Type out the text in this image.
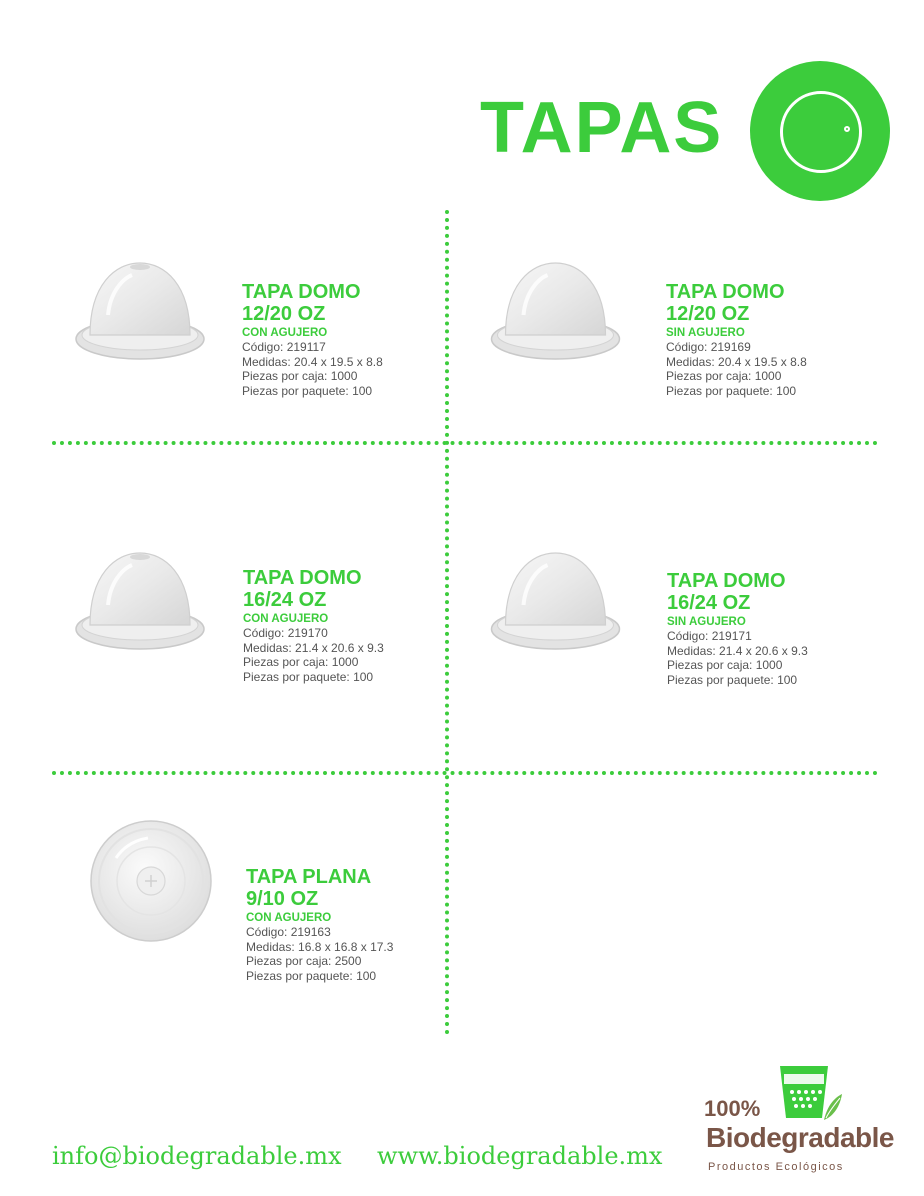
TAPAS
TAPA DOMO
12/20 OZ
CON AGUJERO
Código: 219117
Medidas: 20.4 x 19.5 x 8.8
Piezas por caja: 1000
Piezas por paquete: 100
TAPA DOMO
12/20 OZ
SIN AGUJERO
Código: 219169
Medidas: 20.4 x 19.5 x 8.8
Piezas por caja: 1000
Piezas por paquete: 100
TAPA DOMO
16/24 OZ
CON AGUJERO
Código: 219170
Medidas: 21.4 x 20.6 x 9.3
Piezas por caja: 1000
Piezas por paquete: 100
TAPA DOMO
16/24 OZ
SIN AGUJERO
Código: 219171
Medidas: 21.4 x 20.6 x 9.3
Piezas por caja: 1000
Piezas por paquete: 100
TAPA PLANA
9/10 OZ
CON AGUJERO
Código: 219163
Medidas: 16.8 x 16.8 x 17.3
Piezas por caja: 2500
Piezas por paquete: 100
info@biodegradable.mx www.biodegradable.mx
100%
Biodegradable
Productos Ecológicos
